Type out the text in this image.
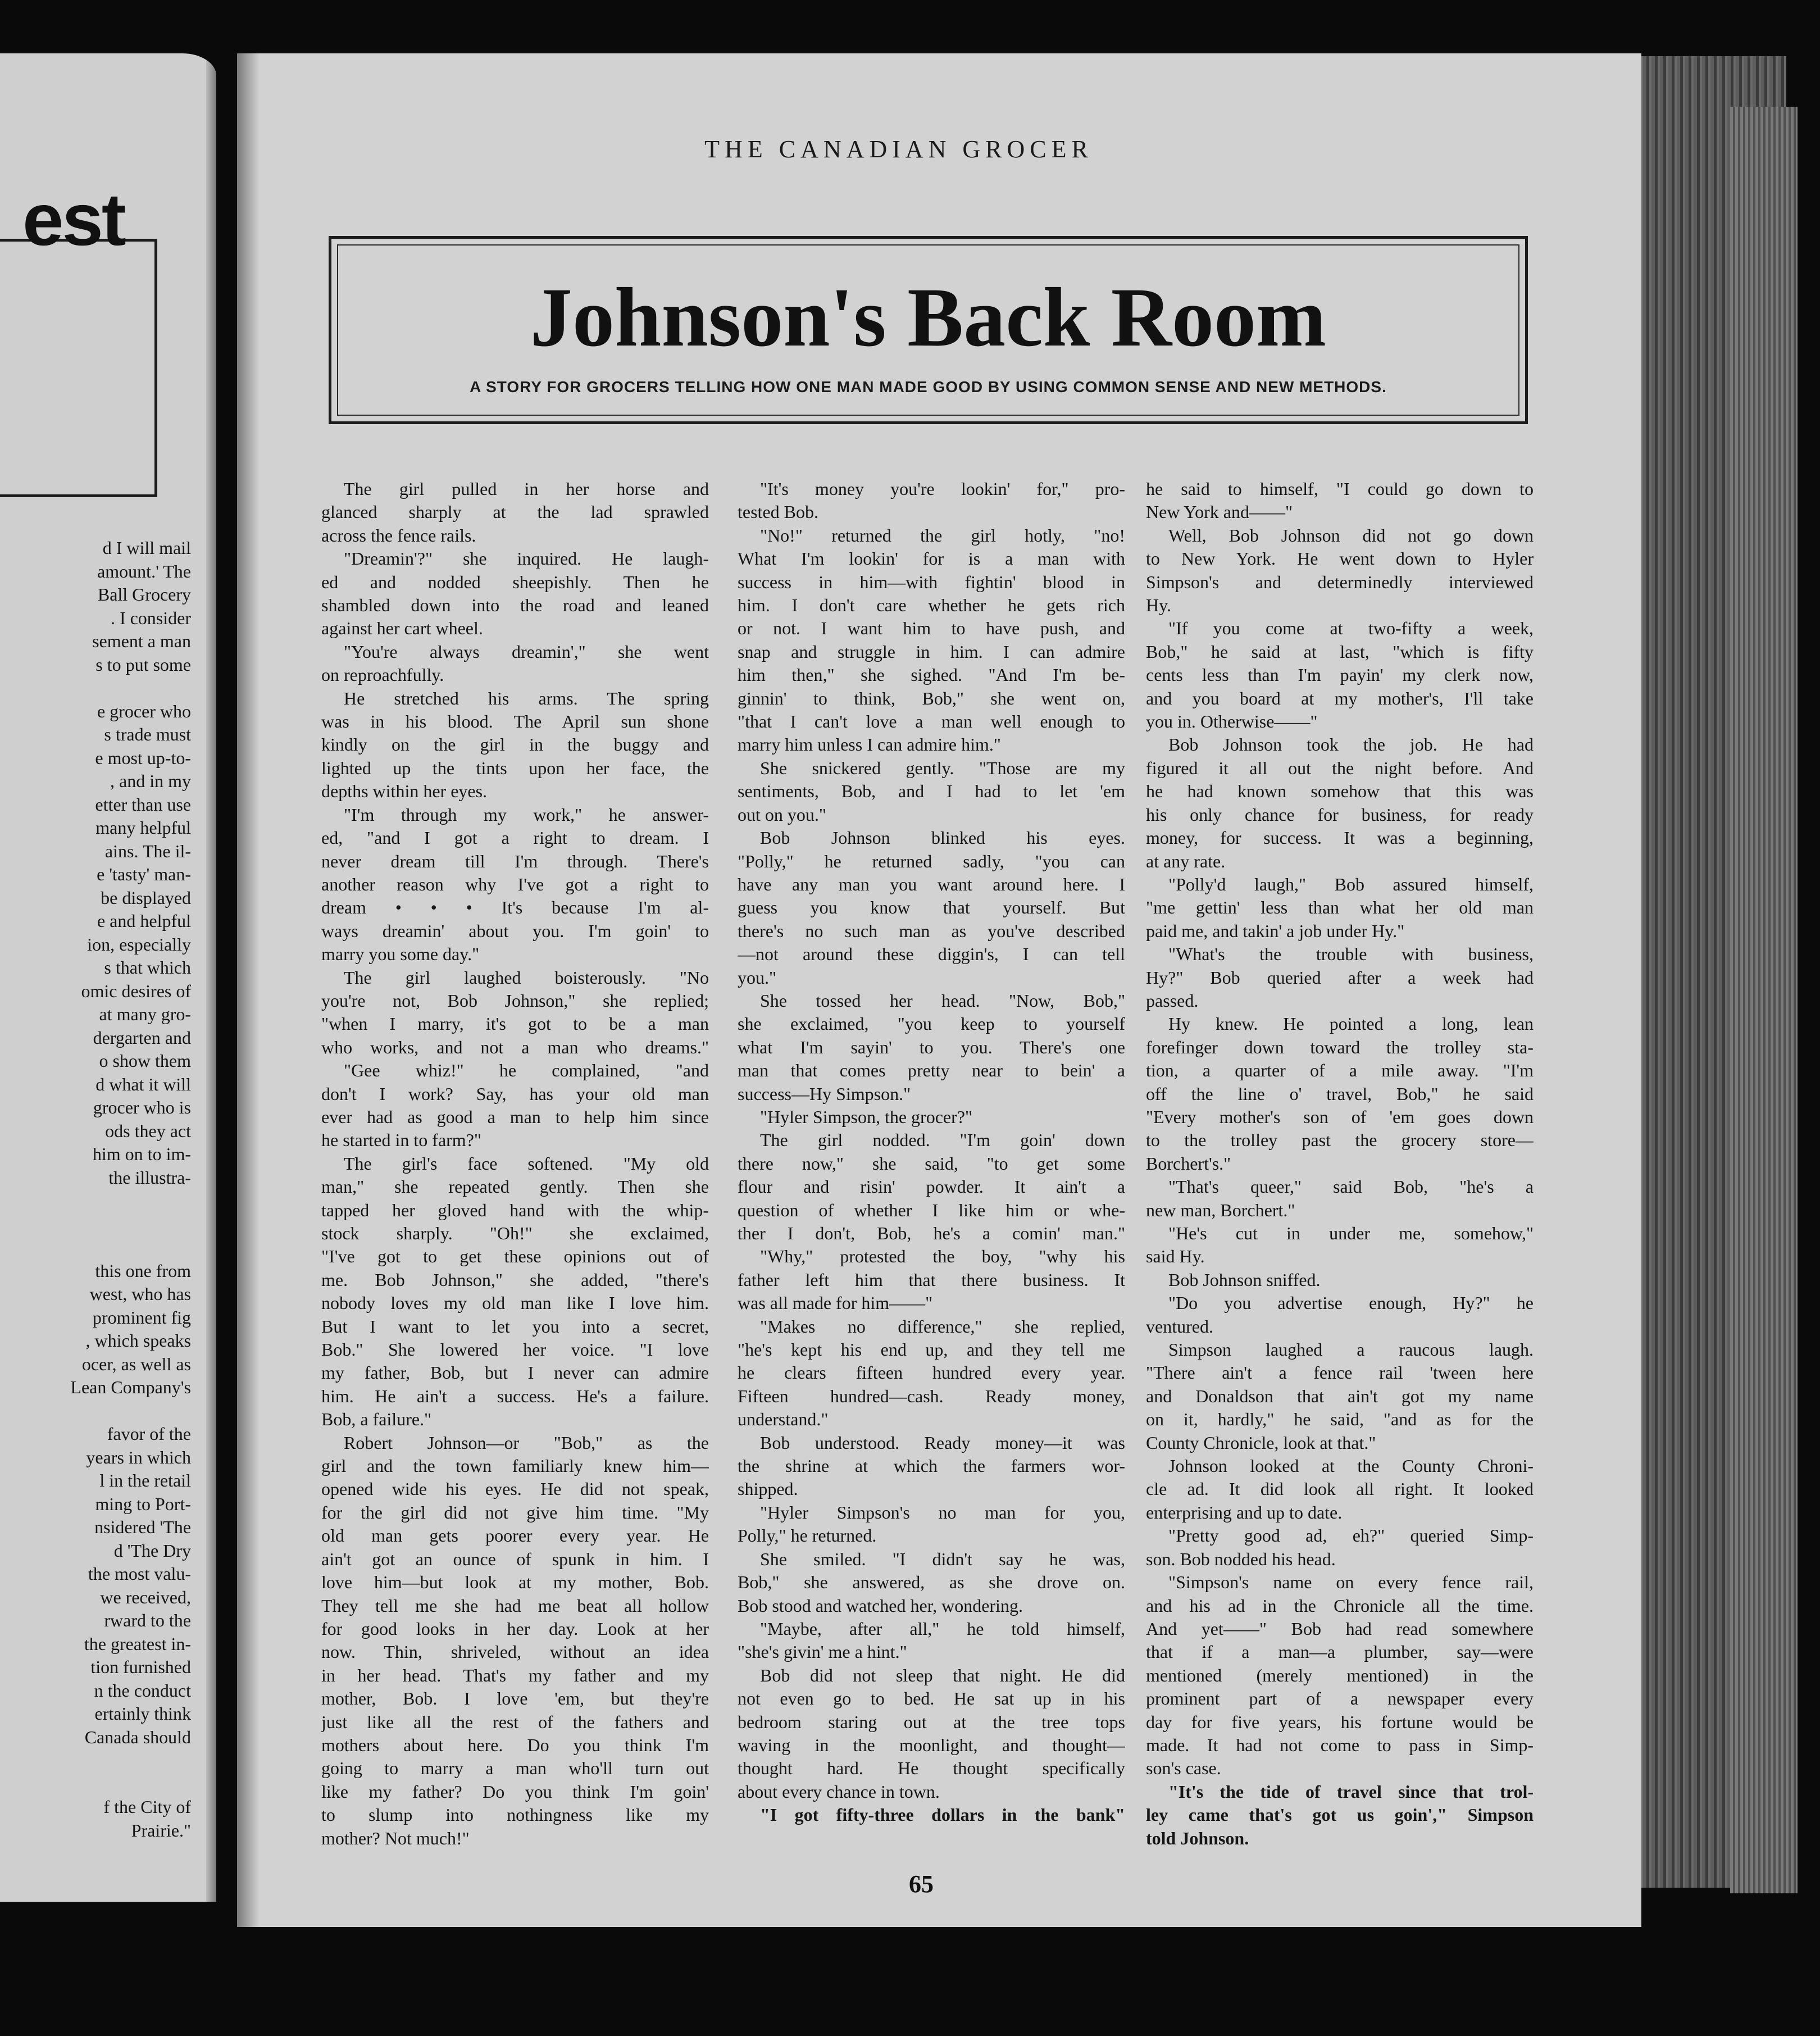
est

d I will mail

amount.' The

Ball Grocery

. I consider

sement a man

s to put some

e grocer who

s trade must

e most up-to-

, and in my

etter than use

many helpful

ains. The il-

e 'tasty' man-

be displayed

e and helpful

ion, especially

s that which

omic desires of

at many gro-

dergarten and

o show them

d what it will

grocer who is

ods they act

him on to im-

the illustra-

this one from

west, who has

prominent fig

, which speaks

ocer, as well as

Lean Company's

favor of the

years in which

l in the retail

ming to Port-

nsidered 'The

d 'The Dry

the most valu-

we received,

rward to the

the greatest in-

tion furnished

n the conduct

ertainly think

Canada should

f the City of

Prairie."

THE CANADIAN GROCER

Johnson's Back Room

A STORY FOR GROCERS TELLING HOW ONE MAN MADE GOOD BY USING COMMON SENSE AND NEW METHODS.

The girl pulled in her horse and

glanced sharply at the lad sprawled

across the fence rails.

"Dreamin'?" she inquired. He laugh-

ed and nodded sheepishly. Then he

shambled down into the road and leaned

against her cart wheel.

"You're always dreamin'," she went

on reproachfully.

He stretched his arms. The spring

was in his blood. The April sun shone

kindly on the girl in the buggy and

lighted up the tints upon her face, the

depths within her eyes.

"I'm through my work," he answer-

ed, "and I got a right to dream. I

never dream till I'm through. There's

another reason why I've got a right to

dream • • • It's because I'm al-

ways dreamin' about you. I'm goin' to

marry you some day."

The girl laughed boisterously. "No

you're not, Bob Johnson," she replied;

"when I marry, it's got to be a man

who works, and not a man who dreams."

"Gee whiz!" he complained, "and

don't I work? Say, has your old man

ever had as good a man to help him since

he started in to farm?"

The girl's face softened. "My old

man," she repeated gently. Then she

tapped her gloved hand with the whip-

stock sharply. "Oh!" she exclaimed,

"I've got to get these opinions out of

me. Bob Johnson," she added, "there's

nobody loves my old man like I love him.

But I want to let you into a secret,

Bob." She lowered her voice. "I love

my father, Bob, but I never can admire

him. He ain't a success. He's a failure.

Bob, a failure."

Robert Johnson—or "Bob," as the

girl and the town familiarly knew him—

opened wide his eyes. He did not speak,

for the girl did not give him time. "My

old man gets poorer every year. He

ain't got an ounce of spunk in him. I

love him—but look at my mother, Bob.

They tell me she had me beat all hollow

for good looks in her day. Look at her

now. Thin, shriveled, without an idea

in her head. That's my father and my

mother, Bob. I love 'em, but they're

just like all the rest of the fathers and

mothers about here. Do you think I'm

going to marry a man who'll turn out

like my father? Do you think I'm goin'

to slump into nothingness like my

mother? Not much!"

"It's money you're lookin' for," pro-

tested Bob.

"No!" returned the girl hotly, "no!

What I'm lookin' for is a man with

success in him—with fightin' blood in

him. I don't care whether he gets rich

or not. I want him to have push, and

snap and struggle in him. I can admire

him then," she sighed. "And I'm be-

ginnin' to think, Bob," she went on,

"that I can't love a man well enough to

marry him unless I can admire him."

She snickered gently. "Those are my

sentiments, Bob, and I had to let 'em

out on you."

Bob Johnson blinked his eyes.

"Polly," he returned sadly, "you can

have any man you want around here. I

guess you know that yourself. But

there's no such man as you've described

—not around these diggin's, I can tell

you."

She tossed her head. "Now, Bob,"

she exclaimed, "you keep to yourself

what I'm sayin' to you. There's one

man that comes pretty near to bein' a

success—Hy Simpson."

"Hyler Simpson, the grocer?"

The girl nodded. "I'm goin' down

there now," she said, "to get some

flour and risin' powder. It ain't a

question of whether I like him or whe-

ther I don't, Bob, he's a comin' man."

"Why," protested the boy, "why his

father left him that there business. It

was all made for him——"

"Makes no difference," she replied,

"he's kept his end up, and they tell me

he clears fifteen hundred every year.

Fifteen hundred—cash. Ready money,

understand."

Bob understood. Ready money—it was

the shrine at which the farmers wor-

shipped.

"Hyler Simpson's no man for you,

Polly," he returned.

She smiled. "I didn't say he was,

Bob," she answered, as she drove on.

Bob stood and watched her, wondering.

"Maybe, after all," he told himself,

"she's givin' me a hint."

Bob did not sleep that night. He did

not even go to bed. He sat up in his

bedroom staring out at the tree tops

waving in the moonlight, and thought—

thought hard. He thought specifically

about every chance in town.

"I got fifty-three dollars in the bank"

he said to himself, "I could go down to

New York and——"

Well, Bob Johnson did not go down

to New York. He went down to Hyler

Simpson's and determinedly interviewed

Hy.

"If you come at two-fifty a week,

Bob," he said at last, "which is fifty

cents less than I'm payin' my clerk now,

and you board at my mother's, I'll take

you in. Otherwise——"

Bob Johnson took the job. He had

figured it all out the night before. And

he had known somehow that this was

his only chance for business, for ready

money, for success. It was a beginning,

at any rate.

"Polly'd laugh," Bob assured himself,

"me gettin' less than what her old man

paid me, and takin' a job under Hy."

"What's the trouble with business,

Hy?" Bob queried after a week had

passed.

Hy knew. He pointed a long, lean

forefinger down toward the trolley sta-

tion, a quarter of a mile away. "I'm

off the line o' travel, Bob," he said

"Every mother's son of 'em goes down

to the trolley past the grocery store—

Borchert's."

"That's queer," said Bob, "he's a

new man, Borchert."

"He's cut in under me, somehow,"

said Hy.

Bob Johnson sniffed.

"Do you advertise enough, Hy?" he

ventured.

Simpson laughed a raucous laugh.

"There ain't a fence rail 'tween here

and Donaldson that ain't got my name

on it, hardly," he said, "and as for the

County Chronicle, look at that."

Johnson looked at the County Chroni-

cle ad. It did look all right. It looked

enterprising and up to date.

"Pretty good ad, eh?" queried Simp-

son. Bob nodded his head.

"Simpson's name on every fence rail,

and his ad in the Chronicle all the time.

And yet——" Bob had read somewhere

that if a man—a plumber, say—were

mentioned (merely mentioned) in the

prominent part of a newspaper every

day for five years, his fortune would be

made. It had not come to pass in Simp-

son's case.

"It's the tide of travel since that trol-

ley came that's got us goin'," Simpson

told Johnson.

65
